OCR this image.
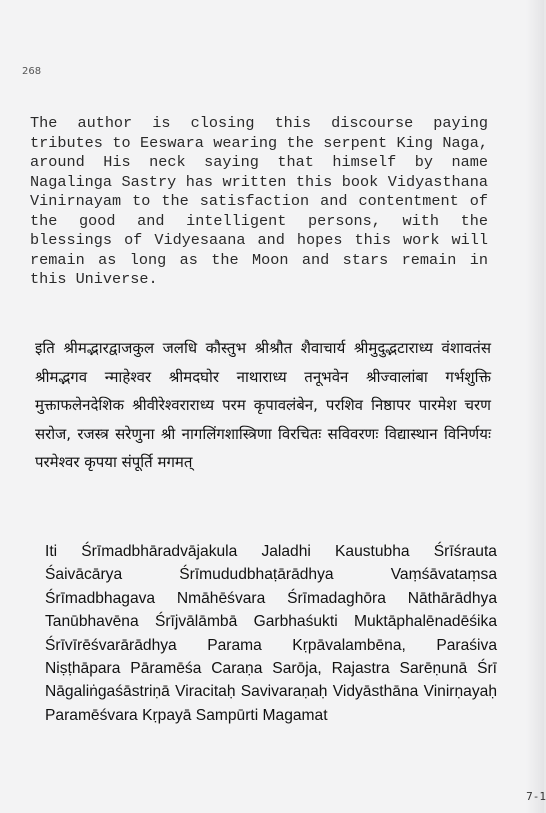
268

The author is closing this discourse paying tributes to Eeswara wearing the serpent King Naga, around His neck saying that himself by name Nagalinga Sastry has written this book Vidyasthana Vinirnayam to the satisfaction and contentment of the good and intelligent persons, with the blessings of Vidyesaana and hopes this work will remain as long as the Moon and stars remain in this Universe.

इति श्रीमद्भारद्वाजकुल जलधि कौस्तुभ श्रीश्रौत शैवाचार्य श्रीमुदुद्भटाराध्य वंशावतंस श्रीमद्भगव न्माहेश्वर श्रीमदघोर नाथाराध्य तनूभवेन श्रीज्वालांबा गर्भशुक्ति मुक्ताफलेनदेशिक श्रीवीरेश्वराराध्य परम कृपावलंबेन, परशिव निष्ठापर पारमेश चरण सरोज, रजस्त्र सरेणुना श्री नागलिंगशास्त्रिणा विरचितः सविवरणः विद्यास्थान विनिर्णयः परमेश्वर कृपया संपूर्ति मगमत्

Iti Śrīmadbhāradvājakula Jaladhi Kaustubha Śrīśrauta Śaivācārya Śrīmududbhaṭārādhya Vaṃśāvataṃsa Śrīmadbhagava Nmāhēśvara Śrīmadaghōra Nāthārādhya Tanūbhavēna Śrījvālāmbā Garbhaśukti Muktāphalēnadēśika Śrīvīrēśvarārādhya Parama Kṛpāvalambēna, Paraśiva Niṣṭhāpara Pāramēśa Caraṇa Sarōja, Rajastra Sarēṇunā Śrī Nāgaliṅgaśāstriṇā Viracitaḥ Savivaraṇaḥ Vidyāsthāna Vinirṇayaḥ Paramēśvara Kṛpayā Sampūrti Magamat

7-1
